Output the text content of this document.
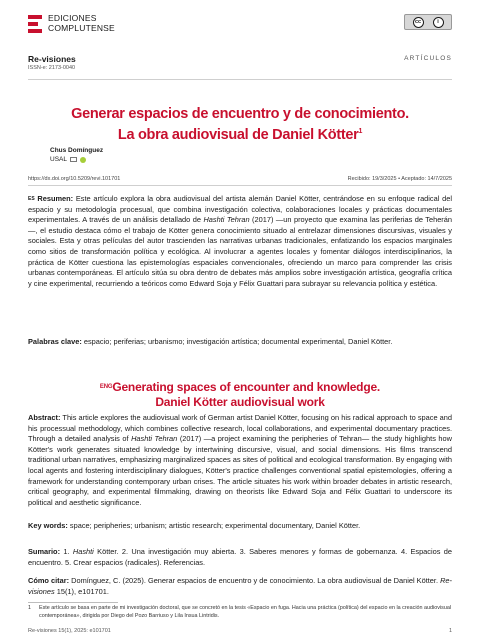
EDICIONES
COMPLUTENSE
cc	i
Re-visiones
ISSN-e: 2173-0040
ARTÍCULOS
Generar espacios de encuentro y de conocimiento.
La obra audiovisual de Daniel Kötter$^1$
Chus Domínguez
USAL
https://dx.doi.org/10.5209/revi.101701	Recibido: 19/3/2025 • Aceptado: 14/7/2025
$^{ES}$ Resumen: Este artículo explora la obra audiovisual del artista alemán Daniel Kötter, centrándose en su enfoque radical del espacio y su metodología procesual, que combina investigación colectiva, colaboraciones locales y prácticas documentales experimentales. A través de un análisis detallado de Hashti Tehran (2017) —un proyecto que examina las periferias de Teherán—, el estudio destaca cómo el trabajo de Kötter genera conocimiento situado al entrelazar dimensiones discursivas, visuales y sociales. Esta y otras películas del autor trascienden las narrativas urbanas tradicionales, enfatizando los espacios marginales como sitios de transformación política y ecológica. Al involucrar a agentes locales y fomentar diálogos interdisciplinarios, la práctica de Kötter cuestiona las epistemologías espaciales convencionales, ofreciendo un marco para comprender las crisis urbanas contemporáneas. El artículo sitúa su obra dentro de debates más amplios sobre investigación artística, geografía crítica y cine experimental, recurriendo a teóricos como Edward Soja y Félix Guattari para subrayar su relevancia política y estética.
Palabras clave: espacio; periferias; urbanismo; investigación artística; documental experimental, Daniel Kötter.
$^{ENG}$Generating spaces of encounter and knowledge.
Daniel Kötter audiovisual work
Abstract: This article explores the audiovisual work of German artist Daniel Kötter, focusing on his radical approach to space and his processual methodology, which combines collective research, local collaborations, and experimental documentary practices. Through a detailed analysis of Hashti Tehran (2017) —a project examining the peripheries of Tehran— the study highlights how Kötter's work generates situated knowledge by intertwining discursive, visual, and social dimensions. His films transcend traditional urban narratives, emphasizing marginalized spaces as sites of political and ecological transformation. By engaging with local agents and fostering interdisciplinary dialogues, Kötter's practice challenges conventional spatial epistemologies, offering a framework for understanding contemporary urban crises. The article situates his work within broader debates in artistic research, critical geography, and experimental filmmaking, drawing on theorists like Edward Soja and Félix Guattari to underscore its political and aesthetic significance.
Key words: space; peripheries; urbanism; artistic research; experimental documentary, Daniel Kötter.
Sumario: 1. Hashti Kötter. 2. Una investigación muy abierta. 3. Saberes menores y formas de gobernanza. 4. Espacios de encuentro. 5. Crear espacios (radicales). Referencias.
Cómo citar: Domínguez, C. (2025). Generar espacios de encuentro y de conocimiento. La obra audiovisual de Daniel Kötter. Re-visiones 15(1), e101701.
1 Este artículo se basa en parte de mi investigación doctoral, que se concretó en la tesis «Espacio en fuga. Hacia una práctica (política) del espacio en la creación audiovisual contemporánea», dirigida por Diego del Pozo Barriuso y Lila Insua Lintridis.
Re-visiones 15(1), 2025: e101701	1
